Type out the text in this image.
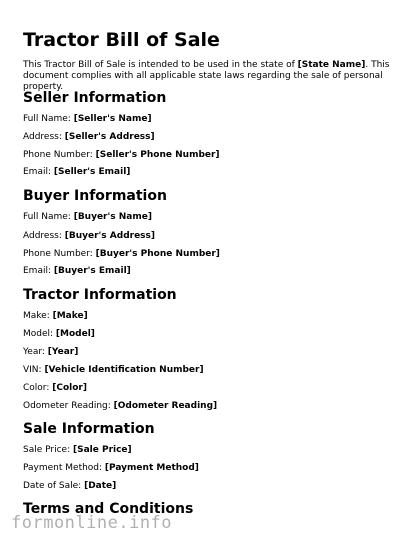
Tractor Bill of Sale

This Tractor Bill of Sale is intended to be used in the state of [State Name]. This document complies with all applicable state laws regarding the sale of personal property.

Seller Information

Full Name: [Seller's Name]

Address: [Seller's Address]

Phone Number: [Seller's Phone Number]

Email: [Seller's Email]

Buyer Information

Full Name: [Buyer's Name]

Address: [Buyer's Address]

Phone Number: [Buyer's Phone Number]

Email: [Buyer's Email]

Tractor Information

Make: [Make]

Model: [Model]

Year: [Year]

VIN: [Vehicle Identification Number]

Color: [Color]

Odometer Reading: [Odometer Reading]

Sale Information

Sale Price: [Sale Price]

Payment Method: [Payment Method]

Date of Sale: [Date]

Terms and Conditions
formonline.info
